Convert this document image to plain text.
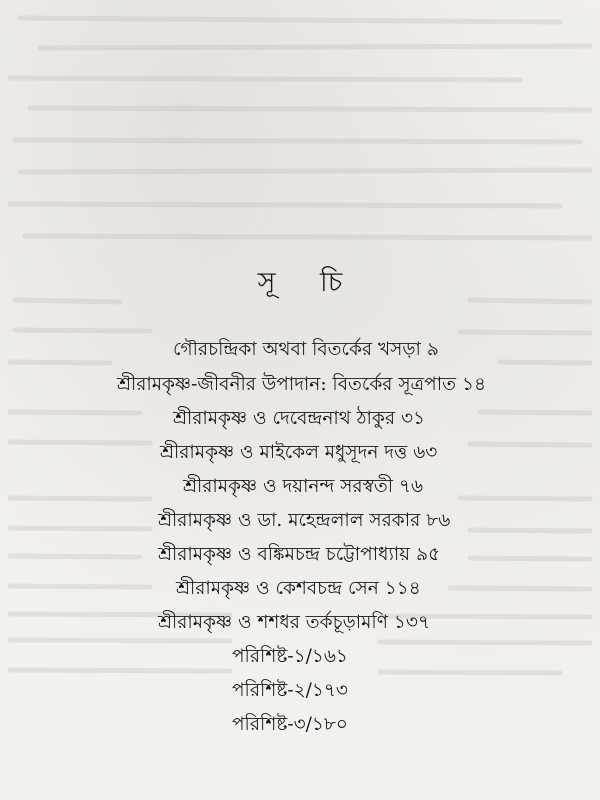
সূ চি
গৌরচন্দ্রিকা অথবা বিতর্কের খসড়া ৯
শ্রীরামকৃষ্ণ-জীবনীর উপাদান: বিতর্কের সূত্রপাত ১৪
শ্রীরামকৃষ্ণ ও দেবেন্দ্রনাথ ঠাকুর ৩১
শ্রীরামকৃষ্ণ ও মাইকেল মধুসূদন দত্ত ৬৩
শ্রীরামকৃষ্ণ ও দয়ানন্দ সরস্বতী ৭৬
শ্রীরামকৃষ্ণ ও ডা. মহেন্দ্রলাল সরকার ৮৬
শ্রীরামকৃষ্ণ ও বঙ্কিমচন্দ্র চট্টোপাধ্যায় ৯৫
শ্রীরামকৃষ্ণ ও কেশবচন্দ্র সেন ১১৪
শ্রীরামকৃষ্ণ ও শশধর তর্কচূড়ামণি ১৩৭
পরিশিষ্ট-১/১৬১
পরিশিষ্ট-২/১৭৩
পরিশিষ্ট-৩/১৮০
